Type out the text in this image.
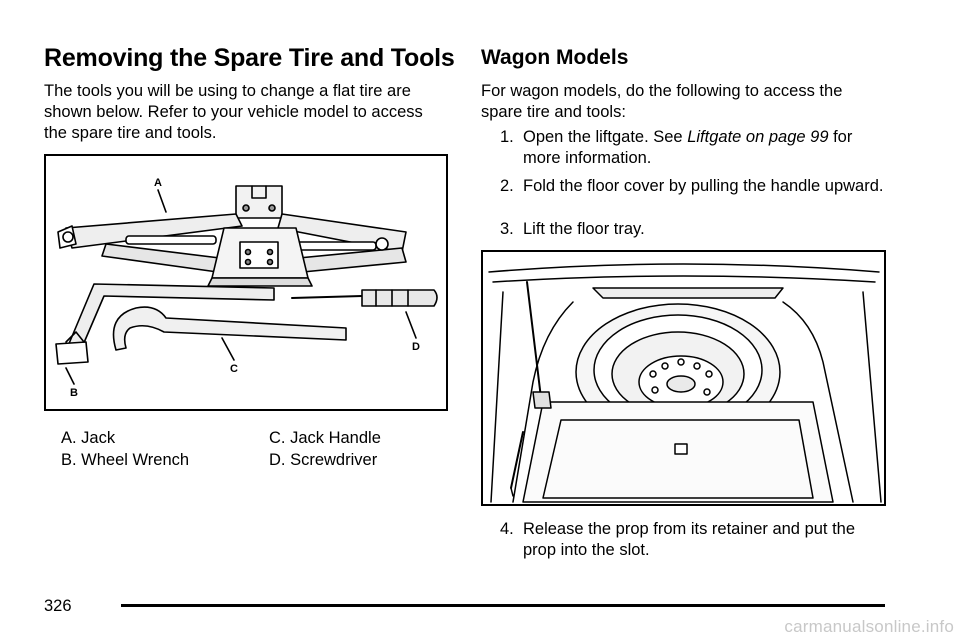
Removing the Spare Tire and Tools

The tools you will be using to change a flat tire are shown below. Refer to your vehicle model to access the spare tire and tools.

A
B
C
D
A. Jack
B. Wheel Wrench
C. Jack Handle
D. Screwdriver
Wagon Models

For wagon models, do the following to access the spare tire and tools:

1. Open the liftgate. See Liftgate on page 99 for more information.
2. Fold the floor cover by pulling the handle upward.
3. Lift the floor tray.
4. Release the prop from its retainer and put the prop into the slot.
326
carmanualsonline.info
